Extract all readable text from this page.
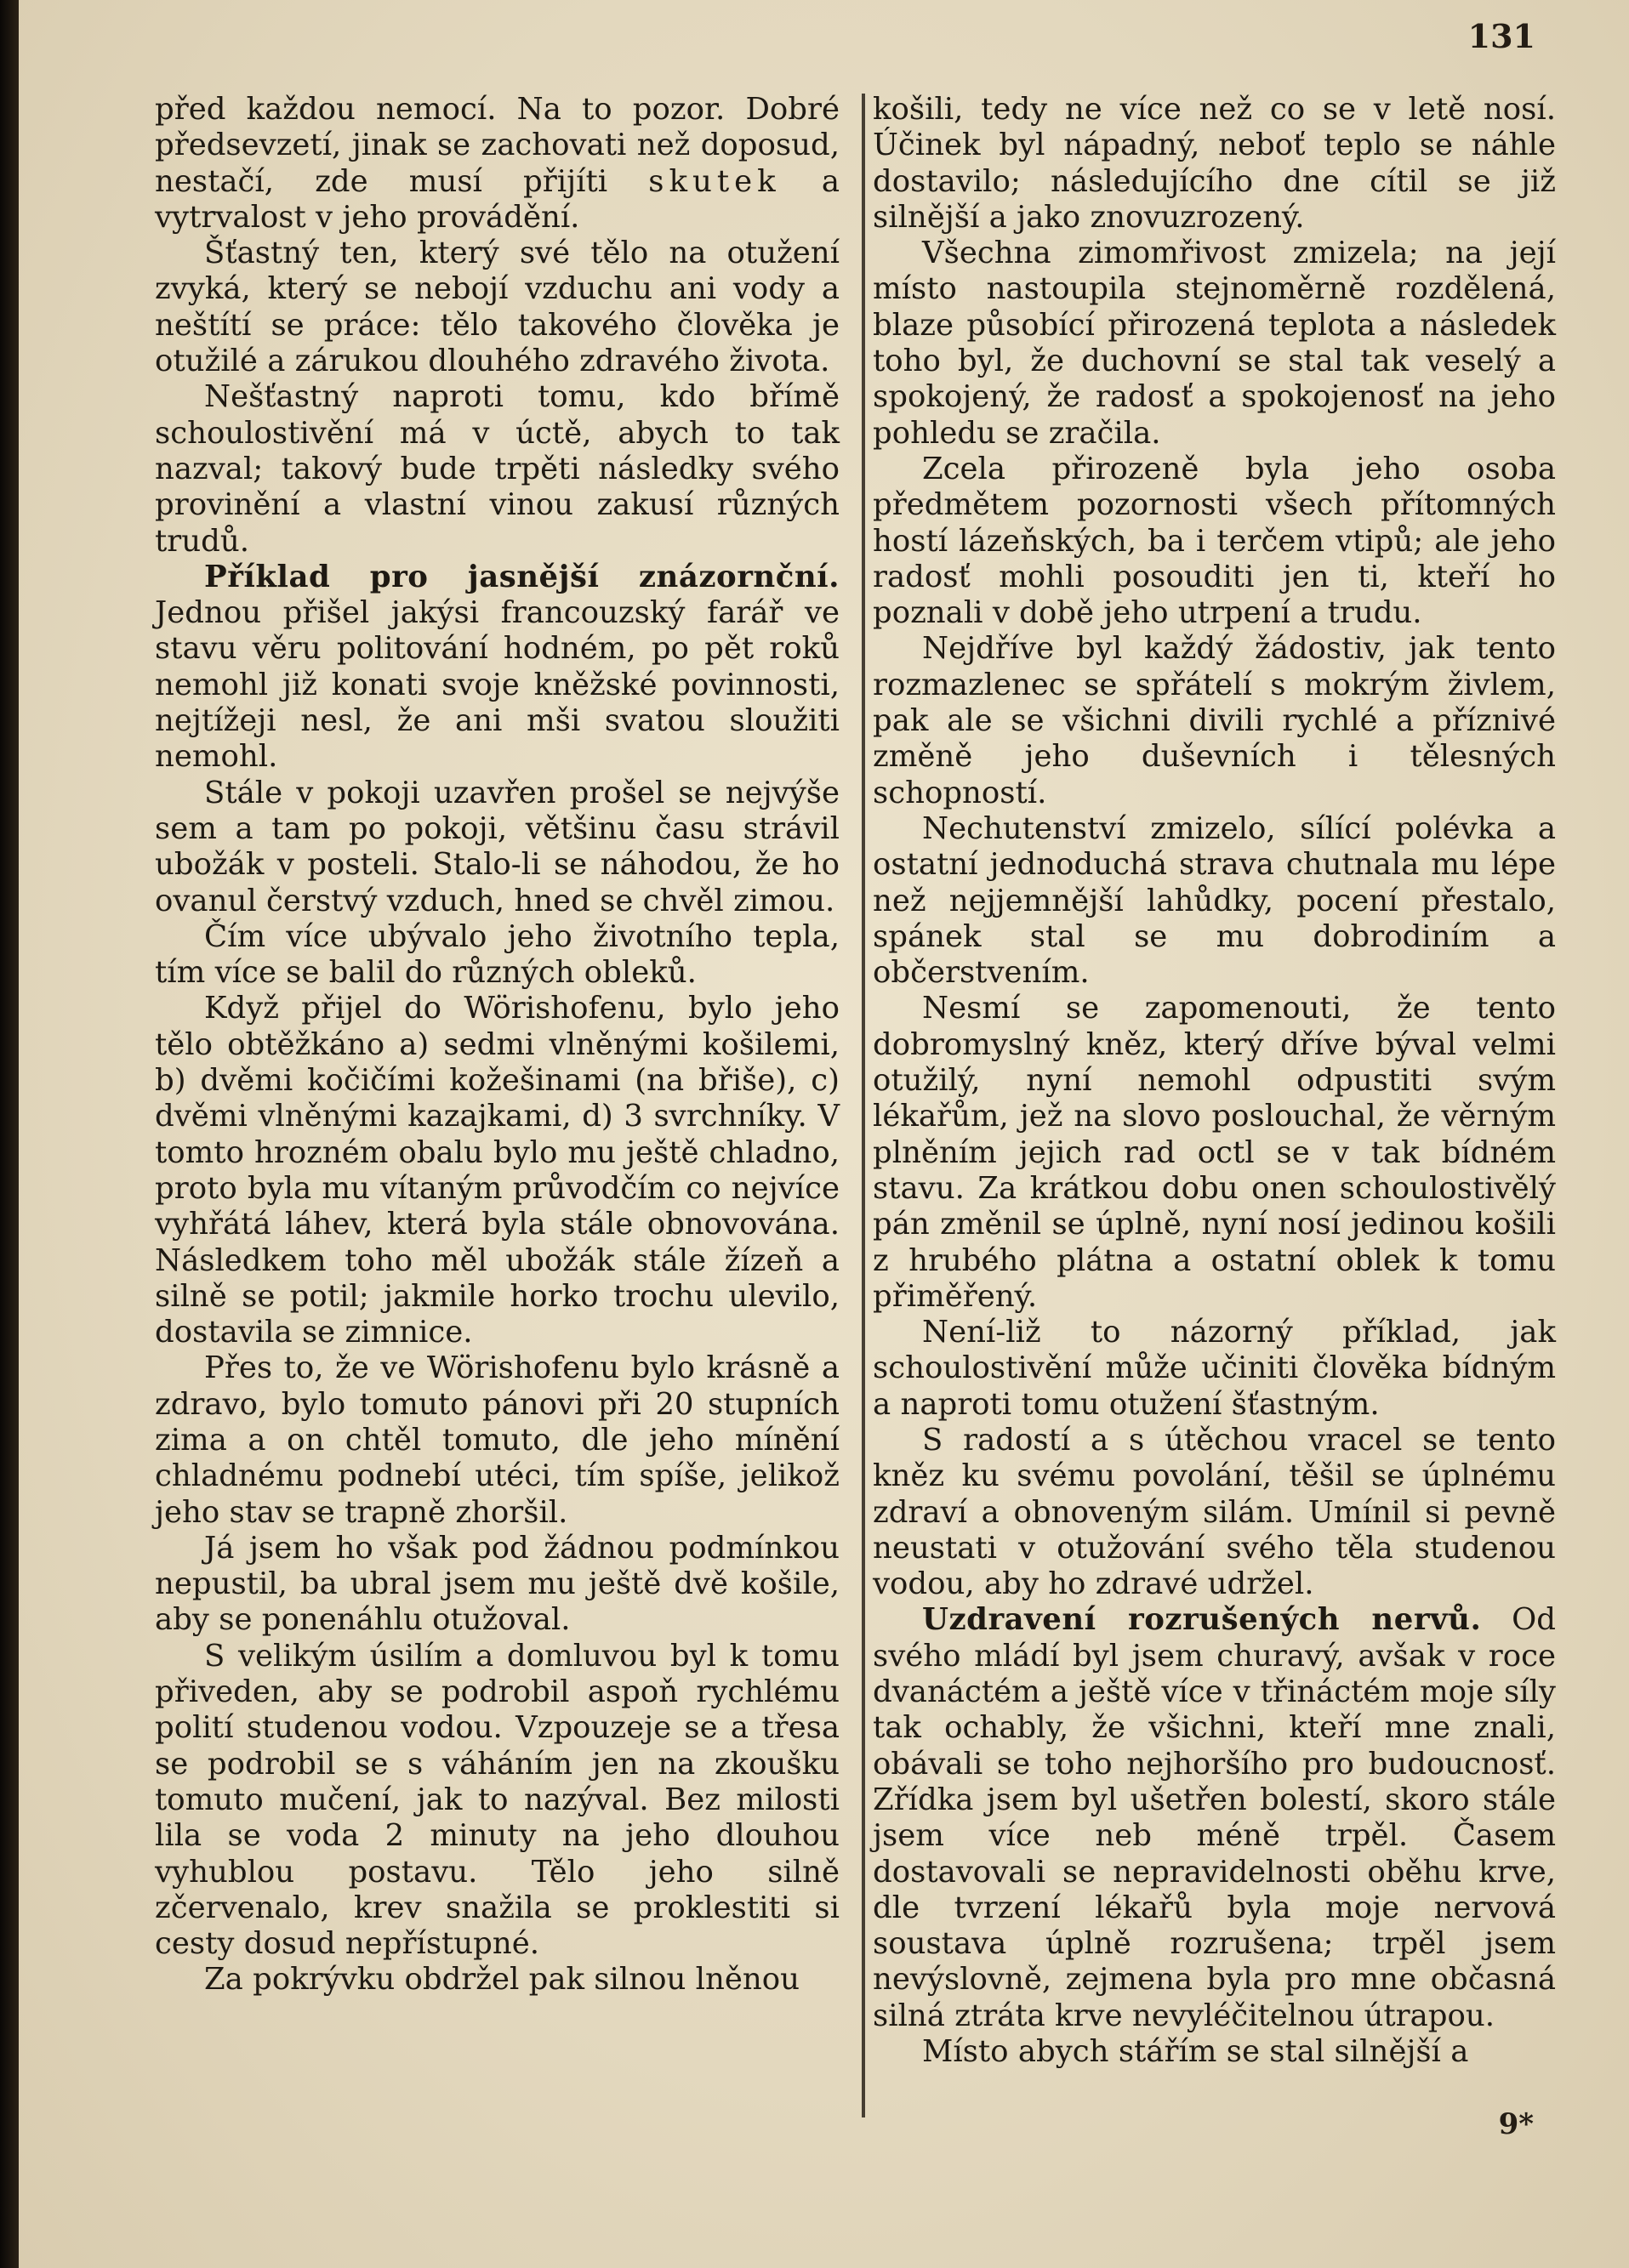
131

před každou nemocí. Na to pozor. Dobré předsevzetí, jinak se zachovati než doposud, nestačí, zde musí přijíti skutek a vytrvalost v jeho provádění.

Šťastný ten, který své tělo na otužení zvyká, který se nebojí vzduchu ani vody a neštítí se práce: tělo takového člověka je otužilé a zárukou dlouhého zdravého života.

Nešťastný naproti tomu, kdo břímě schoulostivění má v úctě, abych to tak nazval; takový bude trpěti následky svého provinění a vlastní vinou zakusí různých trudů.

Příklad pro jasnější znázornční. Jednou přišel jakýsi francouzský farář ve stavu věru politování hodném, po pět roků nemohl již konati svoje kněžské povinnosti, nejtížeji nesl, že ani mši svatou sloužiti nemohl.

Stále v pokoji uzavřen prošel se nejvýše sem a tam po pokoji, většinu času strávil ubožák v posteli. Stalo-li se náhodou, že ho ovanul čerstvý vzduch, hned se chvěl zimou.

Čím více ubývalo jeho životního tepla, tím více se balil do různých obleků.

Když přijel do Wörishofenu, bylo jeho tělo obtěžkáno a) sedmi vlněnými košilemi, b) dvěmi kočičími kožešinami (na břiše), c) dvěmi vlněnými kazajkami, d) 3 svrchníky. V tomto hrozném obalu bylo mu ještě chladno, proto byla mu vítaným průvodčím co nejvíce vyhřátá láhev, která byla stále obnovována. Následkem toho měl ubožák stále žízeň a silně se potil; jakmile horko trochu ulevilo, dostavila se zimnice.

Přes to, že ve Wörishofenu bylo krásně a zdravo, bylo tomuto pánovi při 20 stupních zima a on chtěl tomuto, dle jeho mínění chladnému podnebí utéci, tím spíše, jelikož jeho stav se trapně zhoršil.

Já jsem ho však pod žádnou podmínkou nepustil, ba ubral jsem mu ještě dvě košile, aby se ponenáhlu otužoval.

S velikým úsilím a domluvou byl k tomu přiveden, aby se podrobil aspoň rychlému polití studenou vodou. Vzpouzeje se a třesa se podrobil se s váháním jen na zkoušku tomuto mučení, jak to nazýval. Bez milosti lila se voda 2 minuty na jeho dlouhou vyhublou postavu. Tělo jeho silně zčervenalo, krev snažila se proklestiti si cesty dosud nepřístupné.

Za pokrývku obdržel pak silnou lněnou

košili, tedy ne více než co se v letě nosí. Účinek byl nápadný, neboť teplo se náhle dostavilo; následujícího dne cítil se již silnější a jako znovuzrozený.

Všechna zimomřivost zmizela; na její místo nastoupila stejnoměrně rozdělená, blaze působící přirozená teplota a následek toho byl, že duchovní se stal tak veselý a spokojený, že radosť a spokojenosť na jeho pohledu se zračila.

Zcela přirozeně byla jeho osoba předmětem pozornosti všech přítomných hostí lázeňských, ba i terčem vtipů; ale jeho radosť mohli posouditi jen ti, kteří ho poznali v době jeho utrpení a trudu.

Nejdříve byl každý žádostiv, jak tento rozmazlenec se spřátelí s mokrým živlem, pak ale se všichni divili rychlé a příznivé změně jeho duševních i tělesných schopností.

Nechutenství zmizelo, sílící polévka a ostatní jednoduchá strava chutnala mu lépe než nejjemnější lahůdky, pocení přestalo, spánek stal se mu dobrodiním a občerstvením.

Nesmí se zapomenouti, že tento dobromyslný kněz, který dříve býval velmi otužilý, nyní nemohl odpustiti svým lékařům, jež na slovo poslouchal, že věrným plněním jejich rad octl se v tak bídném stavu. Za krátkou dobu onen schoulostivělý pán změnil se úplně, nyní nosí jedinou košili z hrubého plátna a ostatní oblek k tomu přiměřený.

Není-liž to názorný příklad, jak schoulostivění může učiniti člověka bídným a naproti tomu otužení šťastným.

S radostí a s útěchou vracel se tento kněz ku svému povolání, těšil se úplnému zdraví a obnoveným silám. Umínil si pevně neustati v otužování svého těla studenou vodou, aby ho zdravé udržel.

Uzdravení rozrušených nervů. Od svého mládí byl jsem churavý, avšak v roce dvanáctém a ještě více v třináctém moje síly tak ochably, že všichni, kteří mne znali, obávali se toho nejhoršího pro budoucnosť. Zřídka jsem byl ušetřen bolestí, skoro stále jsem více neb méně trpěl. Časem dostavovali se nepravidelnosti oběhu krve, dle tvrzení lékařů byla moje nervová soustava úplně rozrušena; trpěl jsem nevýslovně, zejmena byla pro mne občasná silná ztráta krve nevyléčitelnou útrapou.

Místo abych stářím se stal silnější a

9*
